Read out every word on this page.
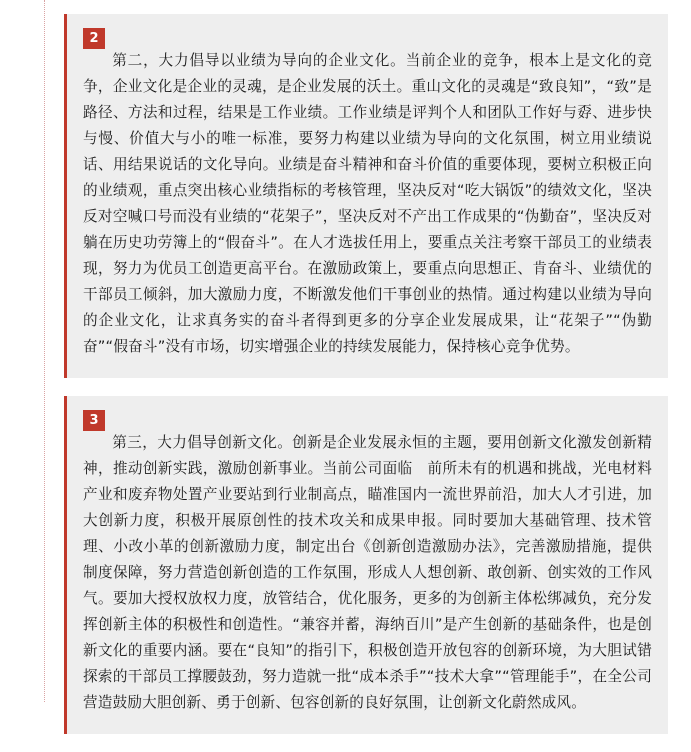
2

第二，大力倡导以业绩为导向的企业文化。当前企业的竞争，根本上是文化的竞争，企业文化是企业的灵魂，是企业发展的沃土。重山文化的灵魂是“致良知”，“致”是路径、方法和过程，结果是工作业绩。工作业绩是评判个人和团队工作好与孬、进步快与慢、价值大与小的唯一标准，要努力构建以业绩为导向的文化氛围，树立用业绩说话、用结果说话的文化导向。业绩是奋斗精神和奋斗价值的重要体现，要树立积极正向的业绩观，重点突出核心业绩指标的考核管理，坚决反对“吃大锅饭”的绩效文化，坚决反对空喊口号而没有业绩的“花架子”，坚决反对不产出工作成果的“伪勤奋”，坚决反对躺在历史功劳簿上的“假奋斗”。在人才选拔任用上，要重点关注考察干部员工的业绩表现，努力为优员工创造更高平台。在激励政策上，要重点向思想正、肯奋斗、业绩优的干部员工倾斜，加大激励力度，不断激发他们干事创业的热情。通过构建以业绩为导向的企业文化，让求真务实的奋斗者得到更多的分享企业发展成果，让“花架子”“伪勤奋”“假奋斗”没有市场，切实增强企业的持续发展能力，保持核心竞争优势。

3

第三，大力倡导创新文化。创新是企业发展永恒的主题，要用创新文化激发创新精神，推动创新实践，激励创新事业。当前公司面临　前所未有的机遇和挑战，光电材料产业和废弃物处置产业要站到行业制高点，瞄准国内一流世界前沿，加大人才引进，加大创新力度，积极开展原创性的技术攻关和成果申报。同时要加大基础管理、技术管理、小改小革的创新激励力度，制定出台《创新创造激励办法》，完善激励措施，提供制度保障，努力营造创新创造的工作氛围，形成人人想创新、敢创新、创实效的工作风气。要加大授权放权力度，放管结合，优化服务，更多的为创新主体松绑减负，充分发挥创新主体的积极性和创造性。“兼容并蓄，海纳百川”是产生创新的基础条件，也是创新文化的重要内涵。要在“良知”的指引下，积极创造开放包容的创新环境，为大胆试错探索的干部员工撑腰鼓劲，努力造就一批“成本杀手”“技术大拿”“管理能手”，在全公司营造鼓励大胆创新、勇于创新、包容创新的良好氛围，让创新文化蔚然成风。
